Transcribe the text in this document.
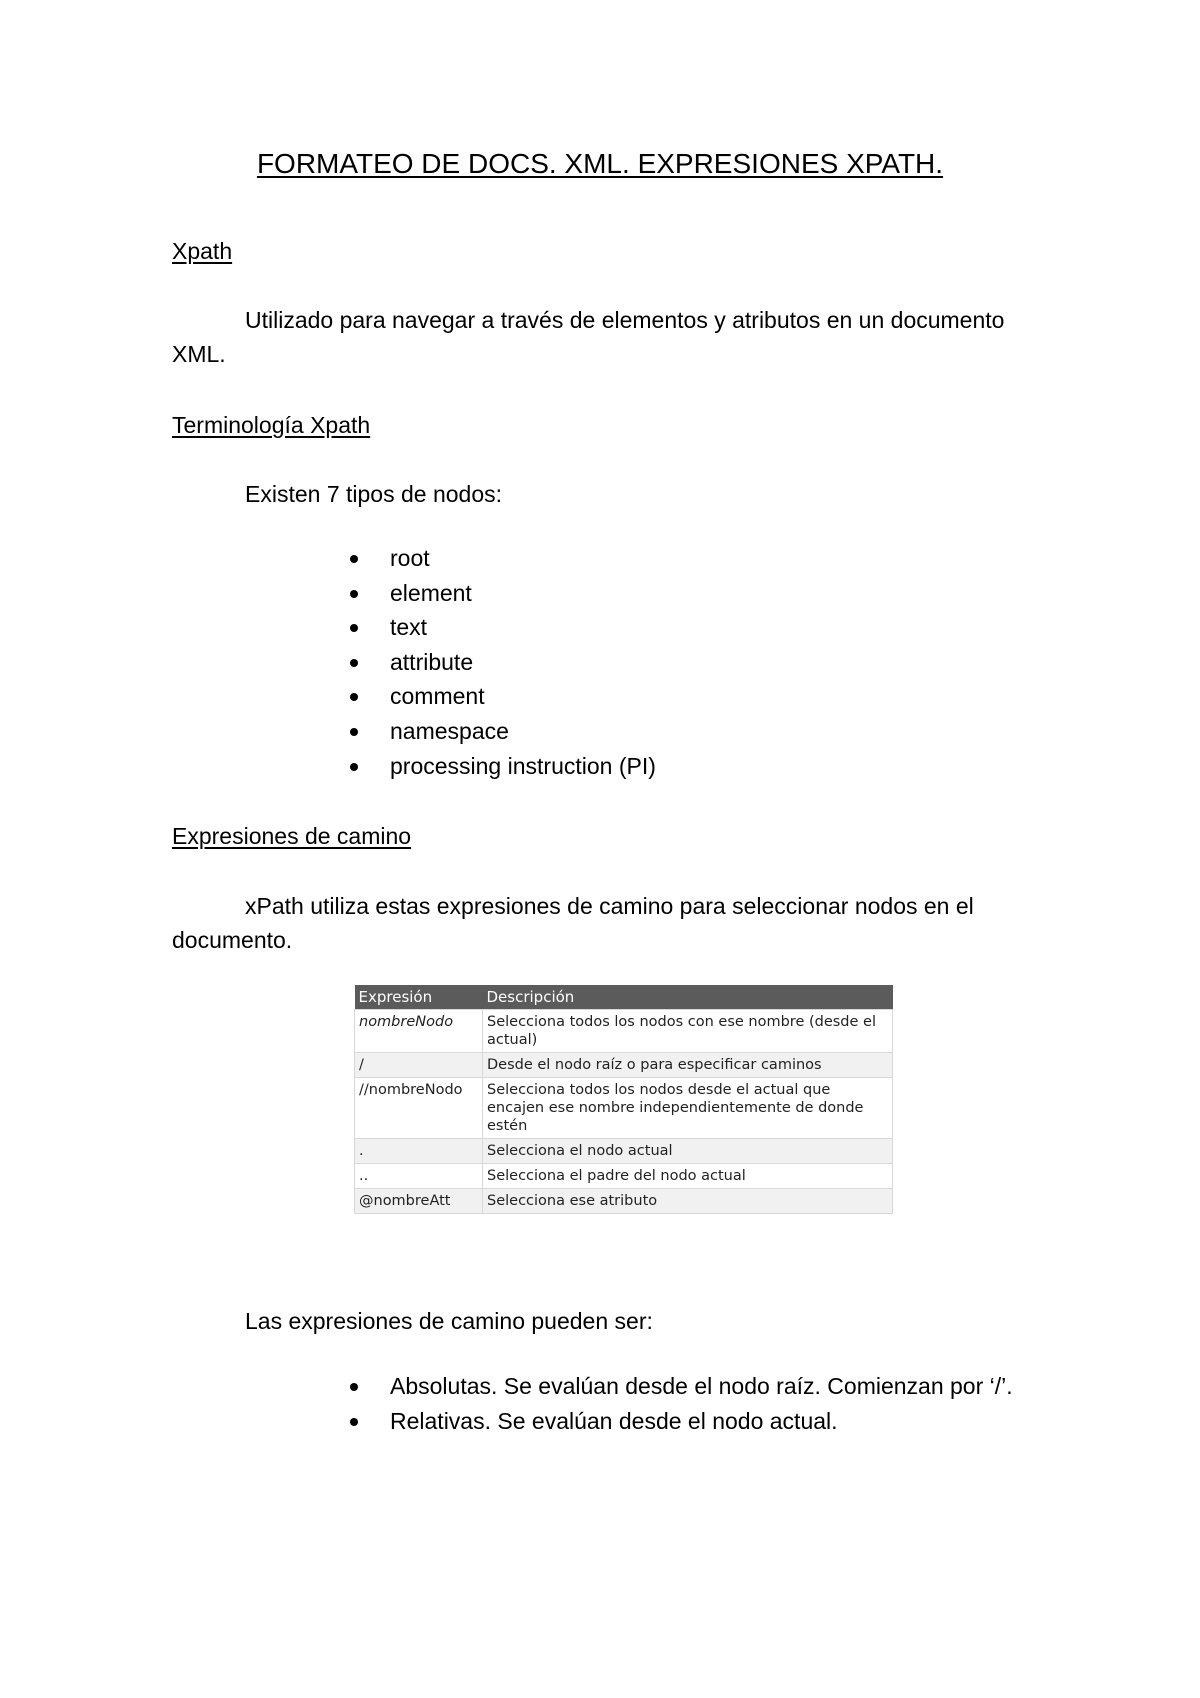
FORMATEO DE DOCS. XML. EXPRESIONES XPATH.
Xpath
Utilizado para navegar a través de elementos y atributos en un documento XML.
Terminología Xpath
Existen 7 tipos de nodos:
root
element
text
attribute
comment
namespace
processing instruction (PI)
Expresiones de camino
xPath utiliza estas expresiones de camino para seleccionar nodos en el documento.
Expresión	Descripción
nombreNodo	Selecciona todos los nodos con ese nombre (desde el actual)
/	Desde el nodo raíz o para especificar caminos
//nombreNodo	Selecciona todos los nodos desde el actual que encajen ese nombre independientemente de donde estén
.	Selecciona el nodo actual
..	Selecciona el padre del nodo actual
@nombreAtt	Selecciona ese atributo
Las expresiones de camino pueden ser:
Absolutas. Se evalúan desde el nodo raíz. Comienzan por ‘/’.
Relativas. Se evalúan desde el nodo actual.
